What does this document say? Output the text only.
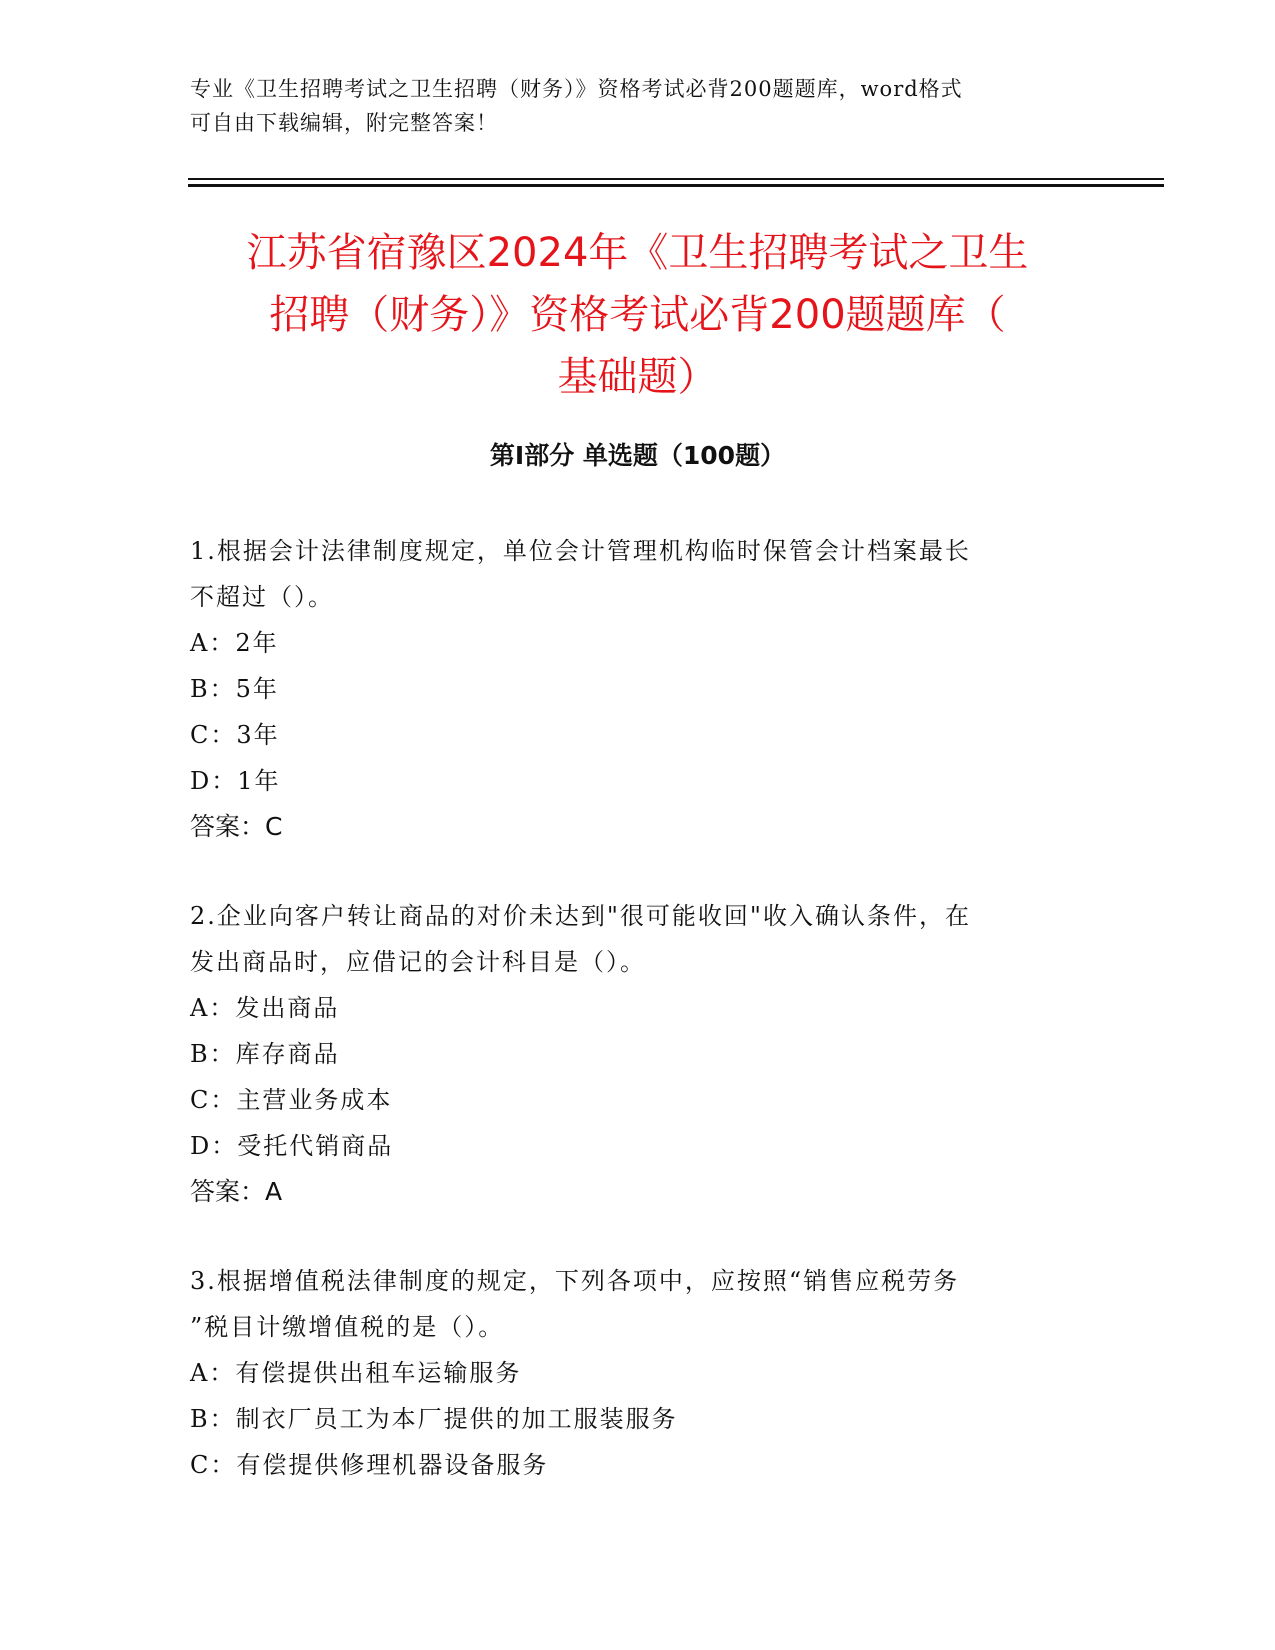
专业《卫生招聘考试之卫生招聘（财务）》资格考试必背200题题库，word格式
可自由下载编辑，附完整答案！
江苏省宿豫区2024年《卫生招聘考试之卫生
招聘（财务）》资格考试必背200题题库（
基础题）
第Ⅰ部分 单选题（100题）

1.根据会计法律制度规定，单位会计管理机构临时保管会计档案最长

不超过（）。

A：2年

B：5年

C：3年

D：1年

答案：C

2.企业向客户转让商品的对价未达到"很可能收回"收入确认条件，在

发出商品时，应借记的会计科目是（）。

A：发出商品

B：库存商品

C：主营业务成本

D：受托代销商品

答案：A

3.根据增值税法律制度的规定，下列各项中，应按照“销售应税劳务

”税目计缴增值税的是（）。

A：有偿提供出租车运输服务

B：制衣厂员工为本厂提供的加工服装服务

C：有偿提供修理机器设备服务
